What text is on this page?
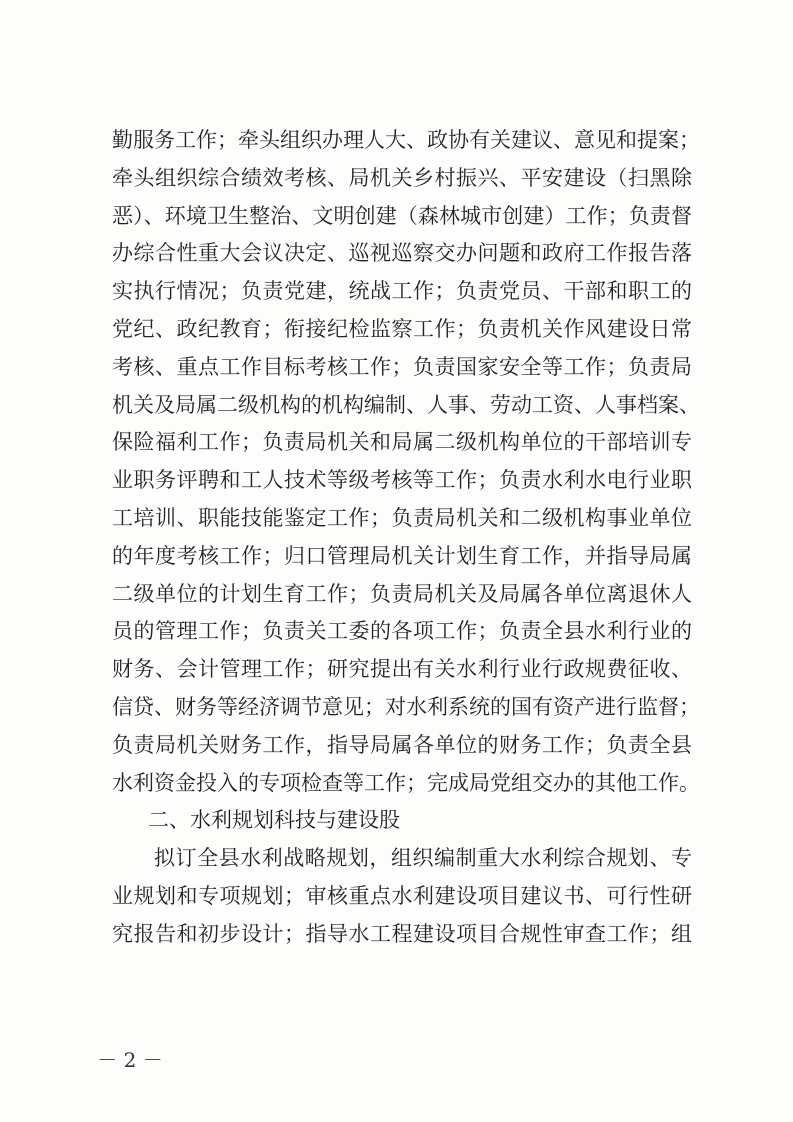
勤服务工作；牵头组织办理人大、政协有关建议、意见和提案；
牵头组织综合绩效考核、局机关乡村振兴、平安建设（扫黑除
恶）、环境卫生整治、文明创建（森林城市创建）工作；负责督
办综合性重大会议决定、巡视巡察交办问题和政府工作报告落
实执行情况；负责党建，统战工作；负责党员、干部和职工的
党纪、政纪教育；衔接纪检监察工作；负责机关作风建设日常
考核、重点工作目标考核工作；负责国家安全等工作；负责局
机关及局属二级机构的机构编制、人事、劳动工资、人事档案、
保险福利工作；负责局机关和局属二级机构单位的干部培训专
业职务评聘和工人技术等级考核等工作；负责水利水电行业职
工培训、职能技能鉴定工作；负责局机关和二级机构事业单位
的年度考核工作；归口管理局机关计划生育工作，并指导局属
二级单位的计划生育工作；负责局机关及局属各单位离退休人
员的管理工作；负责关工委的各项工作；负责全县水利行业的
财务、会计管理工作；研究提出有关水利行业行政规费征收、
信贷、财务等经济调节意见；对水利系统的国有资产进行监督；
负责局机关财务工作，指导局属各单位的财务工作；负责全县
水利资金投入的专项检查等工作；完成局党组交办的其他工作。
二、水利规划科技与建设股
拟订全县水利战略规划，组织编制重大水利综合规划、专
业规划和专项规划；审核重点水利建设项目建议书、可行性研
究报告和初步设计；指导水工程建设项目合规性审查工作；组
－ 2 －
